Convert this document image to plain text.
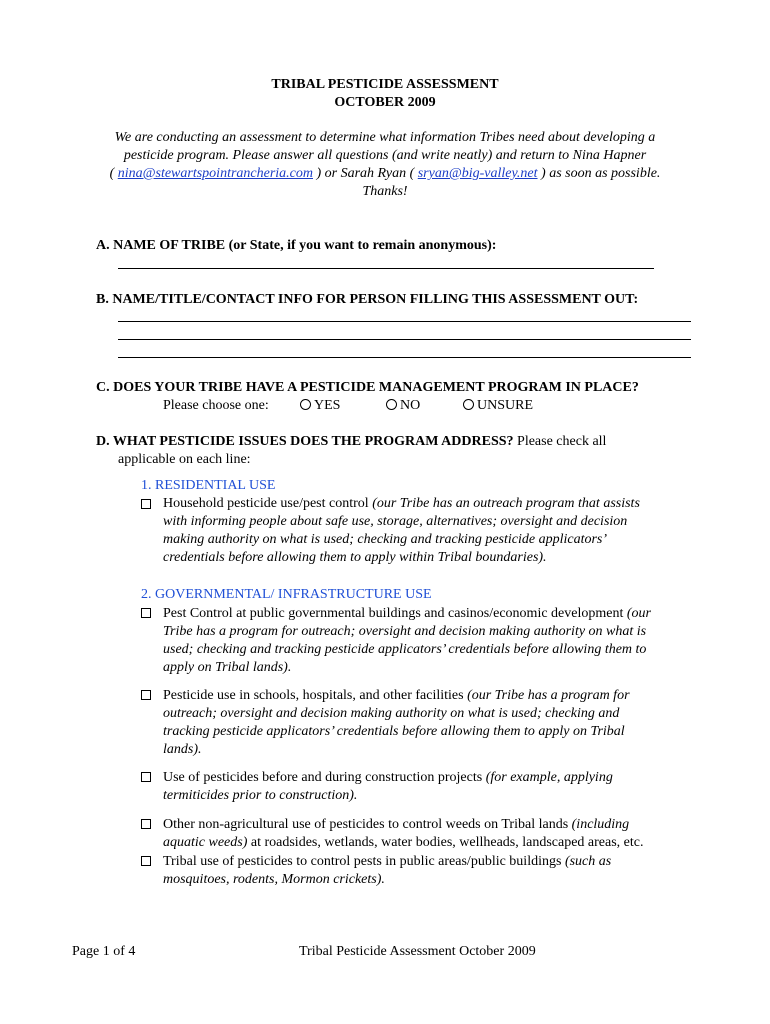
TRIBAL PESTICIDE ASSESSMENT
OCTOBER 2009
We are conducting an assessment to determine what information Tribes need about developing a
pesticide program. Please answer all questions (and write neatly) and return to Nina Hapner
( nina@stewartspointrancheria.com ) or Sarah Ryan ( sryan@big-valley.net ) as soon as possible.
Thanks!
A. NAME OF TRIBE (or State, if you want to remain anonymous):
B. NAME/TITLE/CONTACT INFO FOR PERSON FILLING THIS ASSESSMENT OUT:
C. DOES YOUR TRIBE HAVE A PESTICIDE MANAGEMENT PROGRAM IN PLACE?
Please choose one:	YES	NO	UNSURE
D. WHAT PESTICIDE ISSUES DOES THE PROGRAM ADDRESS? Please check all
applicable on each line:
1. RESIDENTIAL USE
Household pesticide use/pest control (our Tribe has an outreach program that assists
with informing people about safe use, storage, alternatives; oversight and decision
making authority on what is used; checking and tracking pesticide applicators’
credentials before allowing them to apply within Tribal boundaries).
2. GOVERNMENTAL/ INFRASTRUCTURE USE
Pest Control at public governmental buildings and casinos/economic development (our
Tribe has a program for outreach; oversight and decision making authority on what is
used; checking and tracking pesticide applicators’ credentials before allowing them to
apply on Tribal lands).
Pesticide use in schools, hospitals, and other facilities (our Tribe has a program for
outreach; oversight and decision making authority on what is used; checking and
tracking pesticide applicators’ credentials before allowing them to apply on Tribal
lands).
Use of pesticides before and during construction projects (for example, applying
termiticides prior to construction).
Other non-agricultural use of pesticides to control weeds on Tribal lands (including
aquatic weeds) at roadsides, wetlands, water bodies, wellheads, landscaped areas, etc.
Tribal use of pesticides to control pests in public areas/public buildings (such as
mosquitoes, rodents, Mormon crickets).
Page 1 of 4	Tribal Pesticide Assessment October 2009
